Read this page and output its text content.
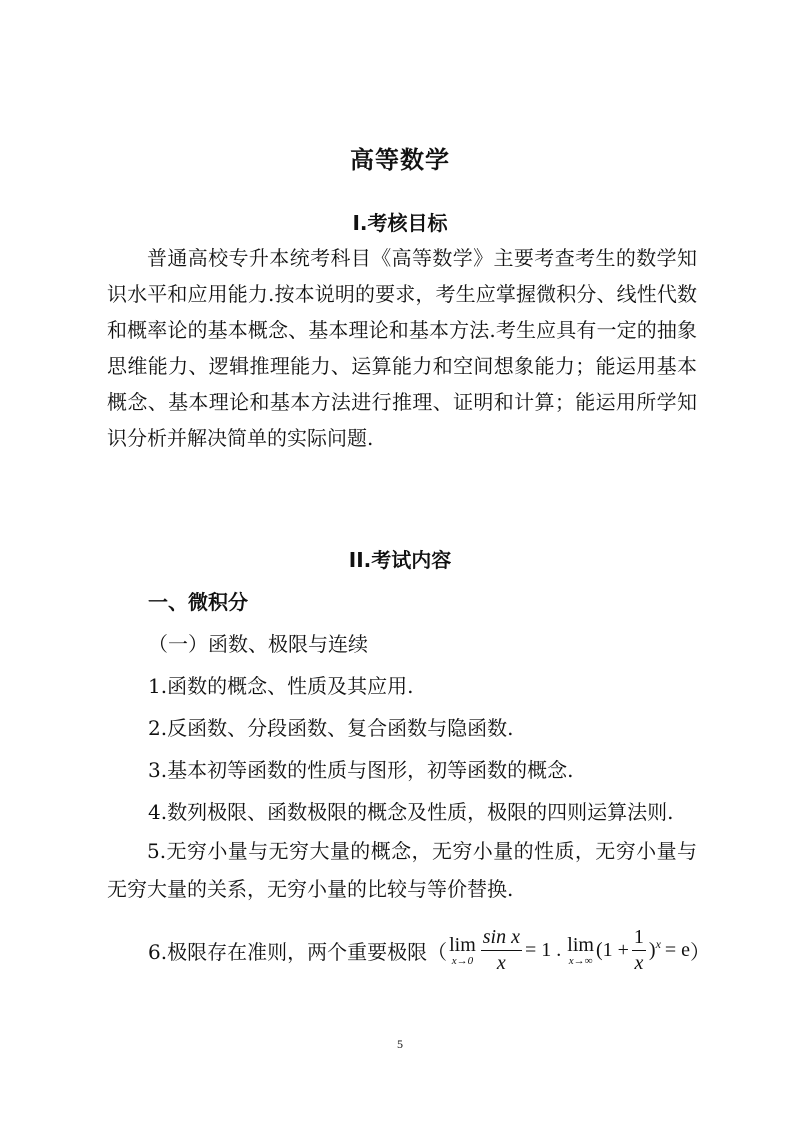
高等数学
I.考核目标
普通高校专升本统考科目《高等数学》主要考查考生的数学知识水平和应用能力.按本说明的要求，考生应掌握微积分、线性代数和概率论的基本概念、基本理论和基本方法.考生应具有一定的抽象思维能力、逻辑推理能力、运算能力和空间想象能力；能运用基本概念、基本理论和基本方法进行推理、证明和计算；能运用所学知识分析并解决简单的实际问题.
II.考试内容
一、微积分
（一）函数、极限与连续
1.函数的概念、性质及其应用.
2.反函数、分段函数、复合函数与隐函数.
3.基本初等函数的性质与图形，初等函数的概念.
4.数列极限、函数极限的概念及性质，极限的四则运算法则.
5.无穷小量与无穷大量的概念，无穷小量的性质，无穷小量与无穷大量的关系，无穷小量的比较与等价替换.
6.极限存在准则，两个重要极限（ lim
$x\to 0 \frac{\text{sin x}}{x} = 1$ . lim
x→∞ ($1 + \frac{1}{x}$ ) x = e ）
5
